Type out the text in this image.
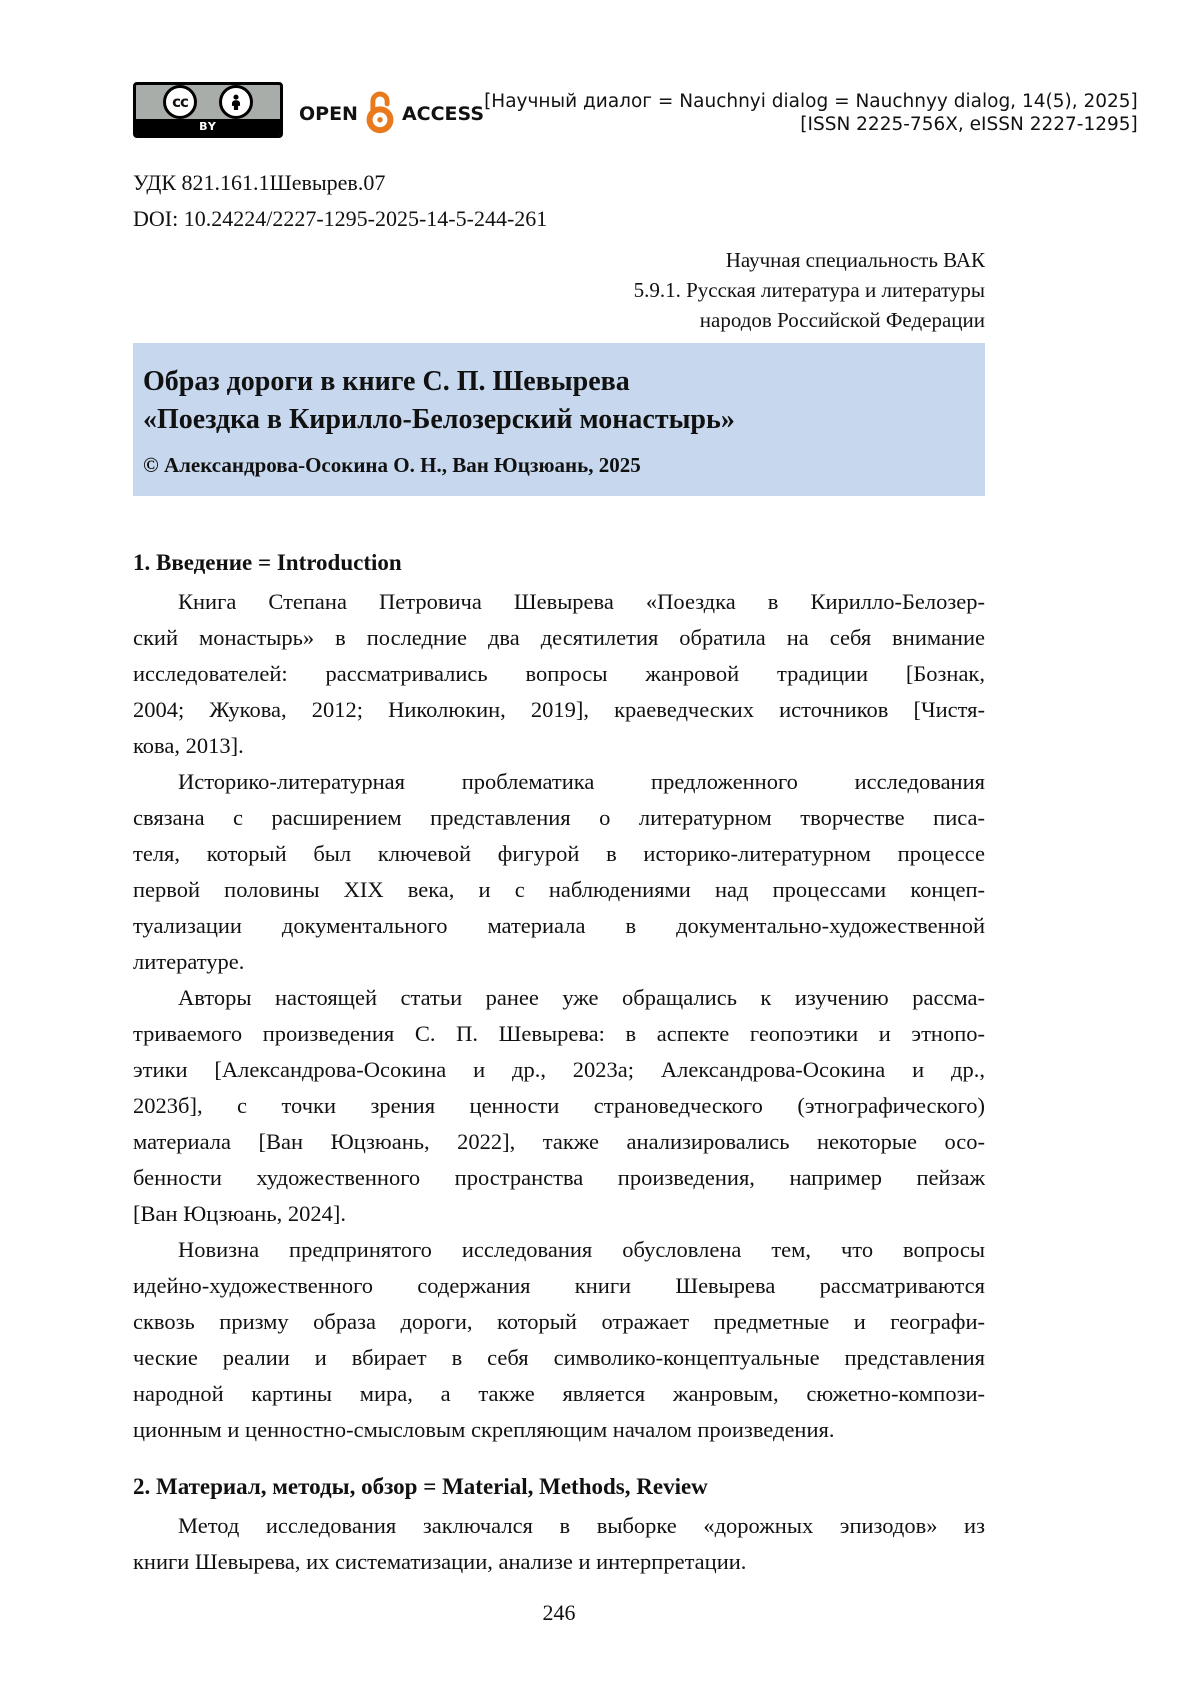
cc
BY
OPEN ACCESS
[Научный диалог = Nauchnyi dialog = Nauchnyy dialog, 14(5), 2025]
[ISSN 2225-756X, eISSN 2227-1295]
УДК 821.161.1Шевырев.07
DOI: 10.24224/2227-1295-2025-14-5-244-261
Научная специальность ВАК
5.9.1. Русская литература и литературы
народов Российской Федерации
Образ дороги в книге С. П. Шевырева
«Поездка в Кирилло-Белозерский монастырь»
© Александрова-Осокина О. Н., Ван Юцзюань, 2025
1. Введение = Introduction
Книга Степана Петровича Шевырева «Поездка в Кирилло-Белозер-
ский монастырь» в последние два десятилетия обратила на себя внимание
исследователей: рассматривались вопросы жанровой традиции [Бознак,
2004; Жукова, 2012; Николюкин, 2019], краеведческих источников [Чистя-
кова, 2013].
Историко-литературная проблематика предложенного исследования
связана с расширением представления о литературном творчестве писа-
теля, который был ключевой фигурой в историко-литературном процессе
первой половины XIX века, и с наблюдениями над процессами концеп-
туализации документального материала в документально-художественной
литературе.
Авторы настоящей статьи ранее уже обращались к изучению рассма-
триваемого произведения С. П. Шевырева: в аспекте геопоэтики и этнопо-
этики [Александрова-Осокина и др., 2023а; Александрова-Осокина и др.,
2023б], с точки зрения ценности страноведческого (этнографического)
материала [Ван Юцзюань, 2022], также анализировались некоторые осо-
бенности художественного пространства произведения, например пейзаж
[Ван Юцзюань, 2024].
Новизна предпринятого исследования обусловлена тем, что вопросы
идейно-художественного содержания книги Шевырева рассматриваются
сквозь призму образа дороги, который отражает предметные и географи-
ческие реалии и вбирает в себя символико-концептуальные представления
народной картины мира, а также является жанровым, сюжетно-компози-
ционным и ценностно-смысловым скрепляющим началом произведения.
2. Материал, методы, обзор = Material, Methods, Review
Метод исследования заключался в выборке «дорожных эпизодов» из
книги Шевырева, их систематизации, анализе и интерпретации.
246
